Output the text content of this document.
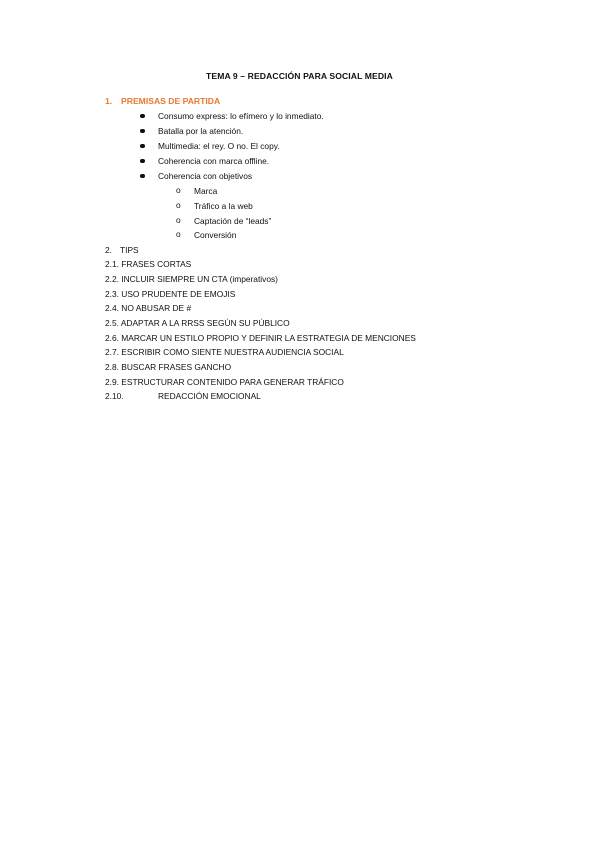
TEMA 9 – REDACCIÓN PARA SOCIAL MEDIA
1. PREMISAS DE PARTIDA
Consumo express: lo efímero y lo inmediato.
Batalla por la atención.
Multimedia: el rey. O no. El copy.
Coherencia con marca offline.
Coherencia con objetivos
o Marca
o Tráfico a la web
o Captación de “leads”
o Conversión
2. TIPS
2.1. FRASES CORTAS
2.2. INCLUIR SIEMPRE UN CTA (imperativos)
2.3. USO PRUDENTE DE EMOJIS
2.4. NO ABUSAR DE #
2.5. ADAPTAR A LA RRSS SEGÚN SU PÚBLICO
2.6. MARCAR UN ESTILO PROPIO Y DEFINIR LA ESTRATEGIA DE MENCIONES
2.7. ESCRIBIR COMO SIENTE NUESTRA AUDIENCIA SOCIAL
2.8. BUSCAR FRASES GANCHO
2.9. ESTRUCTURAR CONTENIDO PARA GENERAR TRÁFICO
2.10.	REDACCIÓN EMOCIONAL
